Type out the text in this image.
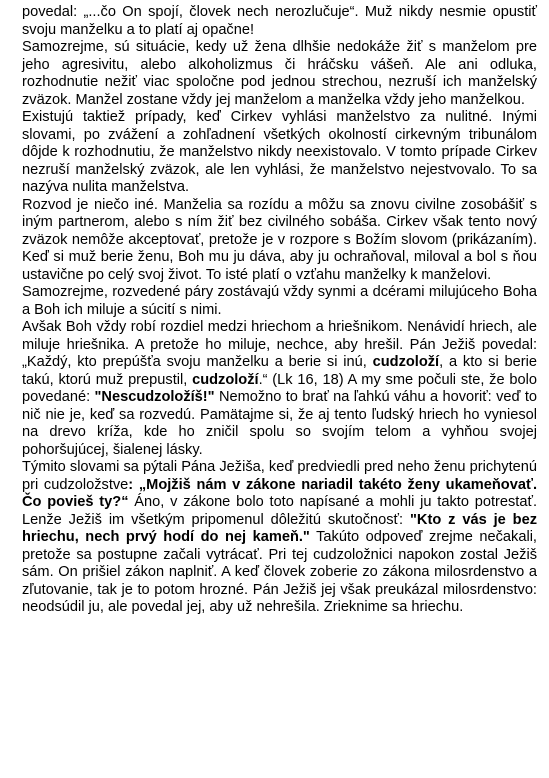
povedal: „...čo On spojí, človek nech nerozlučuje“. Muž nikdy nesmie opustiť svoju manželku a to platí aj opačne!

Samozrejme, sú situácie, kedy už žena dlhšie nedokáže žiť s manželom pre jeho agresivitu, alebo alkoholizmus či hráčsku vášeň. Ale ani odluka, rozhodnutie nežiť viac spoločne pod jednou strechou, nezruší ich manželský zväzok. Manžel zostane vždy jej manželom a manželka vždy jeho manželkou.

Existujú taktiež prípady, keď Cirkev vyhlási manželstvo za nulitné. Inými slovami, po zvážení a zohľadnení všetkých okolností cirkevným tribunálom dôjde k rozhodnutiu, že manželstvo nikdy neexistovalo. V tomto prípade Cirkev nezruší manželský zväzok, ale len vyhlási, že manželstvo nejestvovalo. To sa nazýva nulita manželstva.

Rozvod je niečo iné. Manželia sa rozídu a môžu sa znovu civilne zosobášiť s iným partnerom, alebo s ním žiť bez civilného sobáša. Cirkev však tento nový zväzok nemôže akceptovať, pretože je v rozpore s Božím slovom (prikázaním). Keď si muž berie ženu, Boh mu ju dáva, aby ju ochraňoval, miloval a bol s ňou ustavične po celý svoj život. To isté platí o vzťahu manželky k manželovi.

Samozrejme, rozvedené páry zostávajú vždy synmi a dcérami milujúceho Boha a Boh ich miluje a súcití s nimi.

Avšak Boh vždy robí rozdiel medzi hriechom a hriešnikom. Nenávidí hriech, ale miluje hriešnika. A pretože ho miluje, nechce, aby hrešil. Pán Ježiš povedal: „Každý, kto prepúšťa svoju manželku a berie si inú, cudzoloží, a kto si berie takú, ktorú muž prepustil, cudzoloží.“ (Lk 16, 18) A my sme počuli ste, že bolo povedané: "Nescudzoložíš!" Nemožno to brať na ľahkú váhu a hovoriť: veď to nič nie je, keď sa rozvedú. Pamätajme si, že aj tento ľudský hriech ho vyniesol na drevo kríža, kde ho zničil spolu so svojím telom a vyhňou svojej pohoršujúcej, šialenej lásky.

Týmito slovami sa pýtali Pána Ježiša, keď predviedli pred neho ženu prichytenú pri cudzoložstve: „Mojžiš nám v zákone nariadil takéto ženy ukameňovať. Čo povieš ty?“ Áno, v zákone bolo toto napísané a mohli ju takto potrestať. Lenže Ježiš im všetkým pripomenul dôležitú skutočnosť: "Kto z vás je bez hriechu, nech prvý hodí do nej kameň." Takúto odpoveď zrejme nečakali, pretože sa postupne začali vytrácať. Pri tej cudzoložnici napokon zostal Ježiš sám. On prišiel zákon naplniť. A keď človek zoberie zo zákona milosrdenstvo a zľutovanie, tak je to potom hrozné. Pán Ježiš jej však preukázal milosrdenstvo: neodsúdil ju, ale povedal jej, aby už nehrešila. Zrieknime sa hriechu.
